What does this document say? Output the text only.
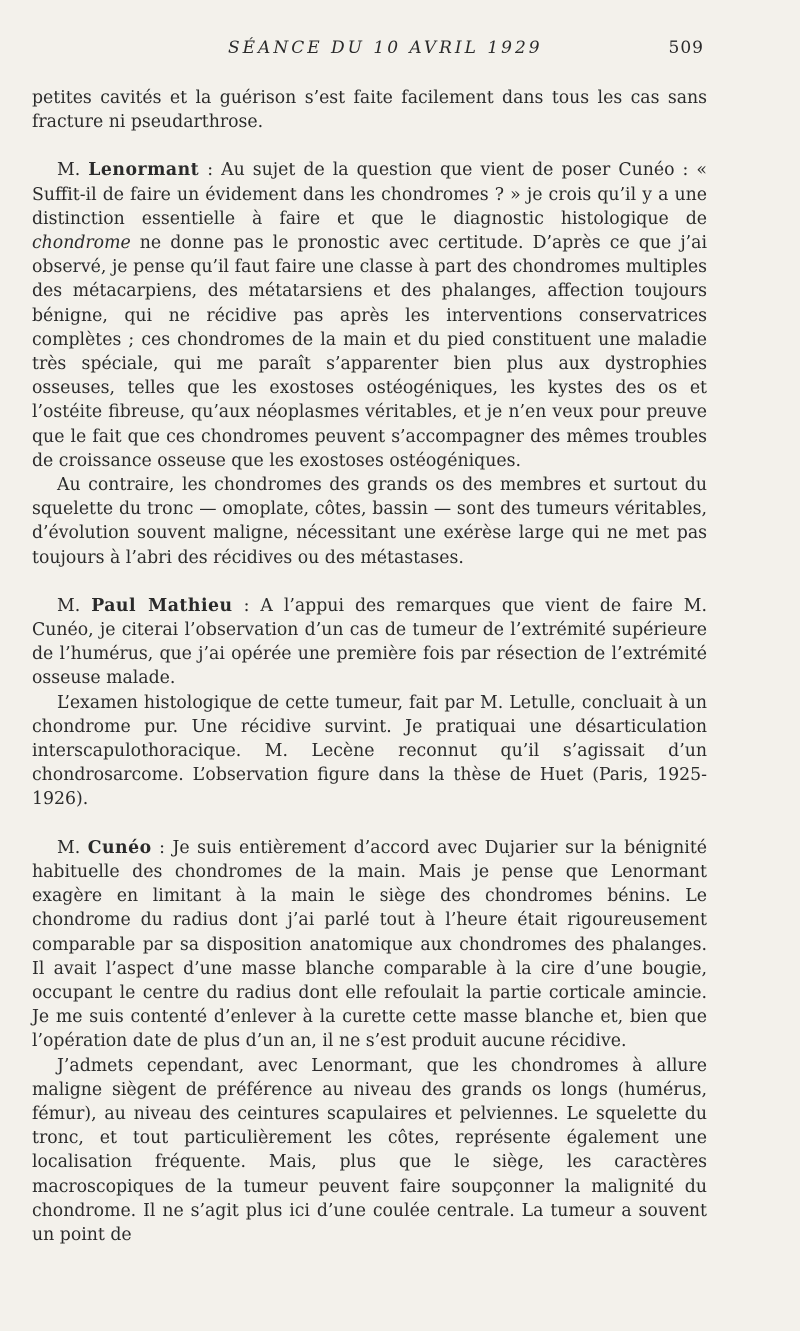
SÉANCE DU 10 AVRIL 1929	509

petites cavités et la guérison s’est faite facilement dans tous les cas sans fracture ni pseudarthrose.

M. Lenormant : Au sujet de la question que vient de poser Cunéo : « Suffit-il de faire un évidement dans les chondromes ? » je crois qu’il y a une distinction essentielle à faire et que le diagnostic histologique de chondrome ne donne pas le pronostic avec certitude. D’après ce que j’ai observé, je pense qu’il faut faire une classe à part des chondromes multiples des métacarpiens, des métatarsiens et des phalanges, affection toujours bénigne, qui ne récidive pas après les interventions conservatrices complètes ; ces chondromes de la main et du pied constituent une maladie très spéciale, qui me paraît s’apparenter bien plus aux dystrophies osseuses, telles que les exostoses ostéogéniques, les kystes des os et l’ostéite fibreuse, qu’aux néoplasmes véritables, et je n’en veux pour preuve que le fait que ces chondromes peuvent s’accompagner des mêmes troubles de croissance osseuse que les exostoses ostéogéniques.

Au contraire, les chondromes des grands os des membres et surtout du squelette du tronc — omoplate, côtes, bassin — sont des tumeurs véritables, d’évolution souvent maligne, nécessitant une exérèse large qui ne met pas toujours à l’abri des récidives ou des métastases.

M. Paul Mathieu : A l’appui des remarques que vient de faire M. Cunéo, je citerai l’observation d’un cas de tumeur de l’extrémité supérieure de l’humérus, que j’ai opérée une première fois par résection de l’extrémité osseuse malade.

L’examen histologique de cette tumeur, fait par M. Letulle, concluait à un chondrome pur. Une récidive survint. Je pratiquai une désarticulation interscapulothoracique. M. Lecène reconnut qu’il s’agissait d’un chondrosarcome. L’observation figure dans la thèse de Huet (Paris, 1925-1926).

M. Cunéo : Je suis entièrement d’accord avec Dujarier sur la bénignité habituelle des chondromes de la main. Mais je pense que Lenormant exagère en limitant à la main le siège des chondromes bénins. Le chondrome du radius dont j’ai parlé tout à l’heure était rigoureusement comparable par sa disposition anatomique aux chondromes des phalanges. Il avait l’aspect d’une masse blanche comparable à la cire d’une bougie, occupant le centre du radius dont elle refoulait la partie corticale amincie. Je me suis contenté d’enlever à la curette cette masse blanche et, bien que l’opération date de plus d’un an, il ne s’est produit aucune récidive.

J’admets cependant, avec Lenormant, que les chondromes à allure maligne siègent de préférence au niveau des grands os longs (humérus, fémur), au niveau des ceintures scapulaires et pelviennes. Le squelette du tronc, et tout particulièrement les côtes, représente également une localisation fréquente. Mais, plus que le siège, les caractères macroscopiques de la tumeur peuvent faire soupçonner la malignité du chondrome. Il ne s’agit plus ici d’une coulée centrale. La tumeur a souvent un point de
